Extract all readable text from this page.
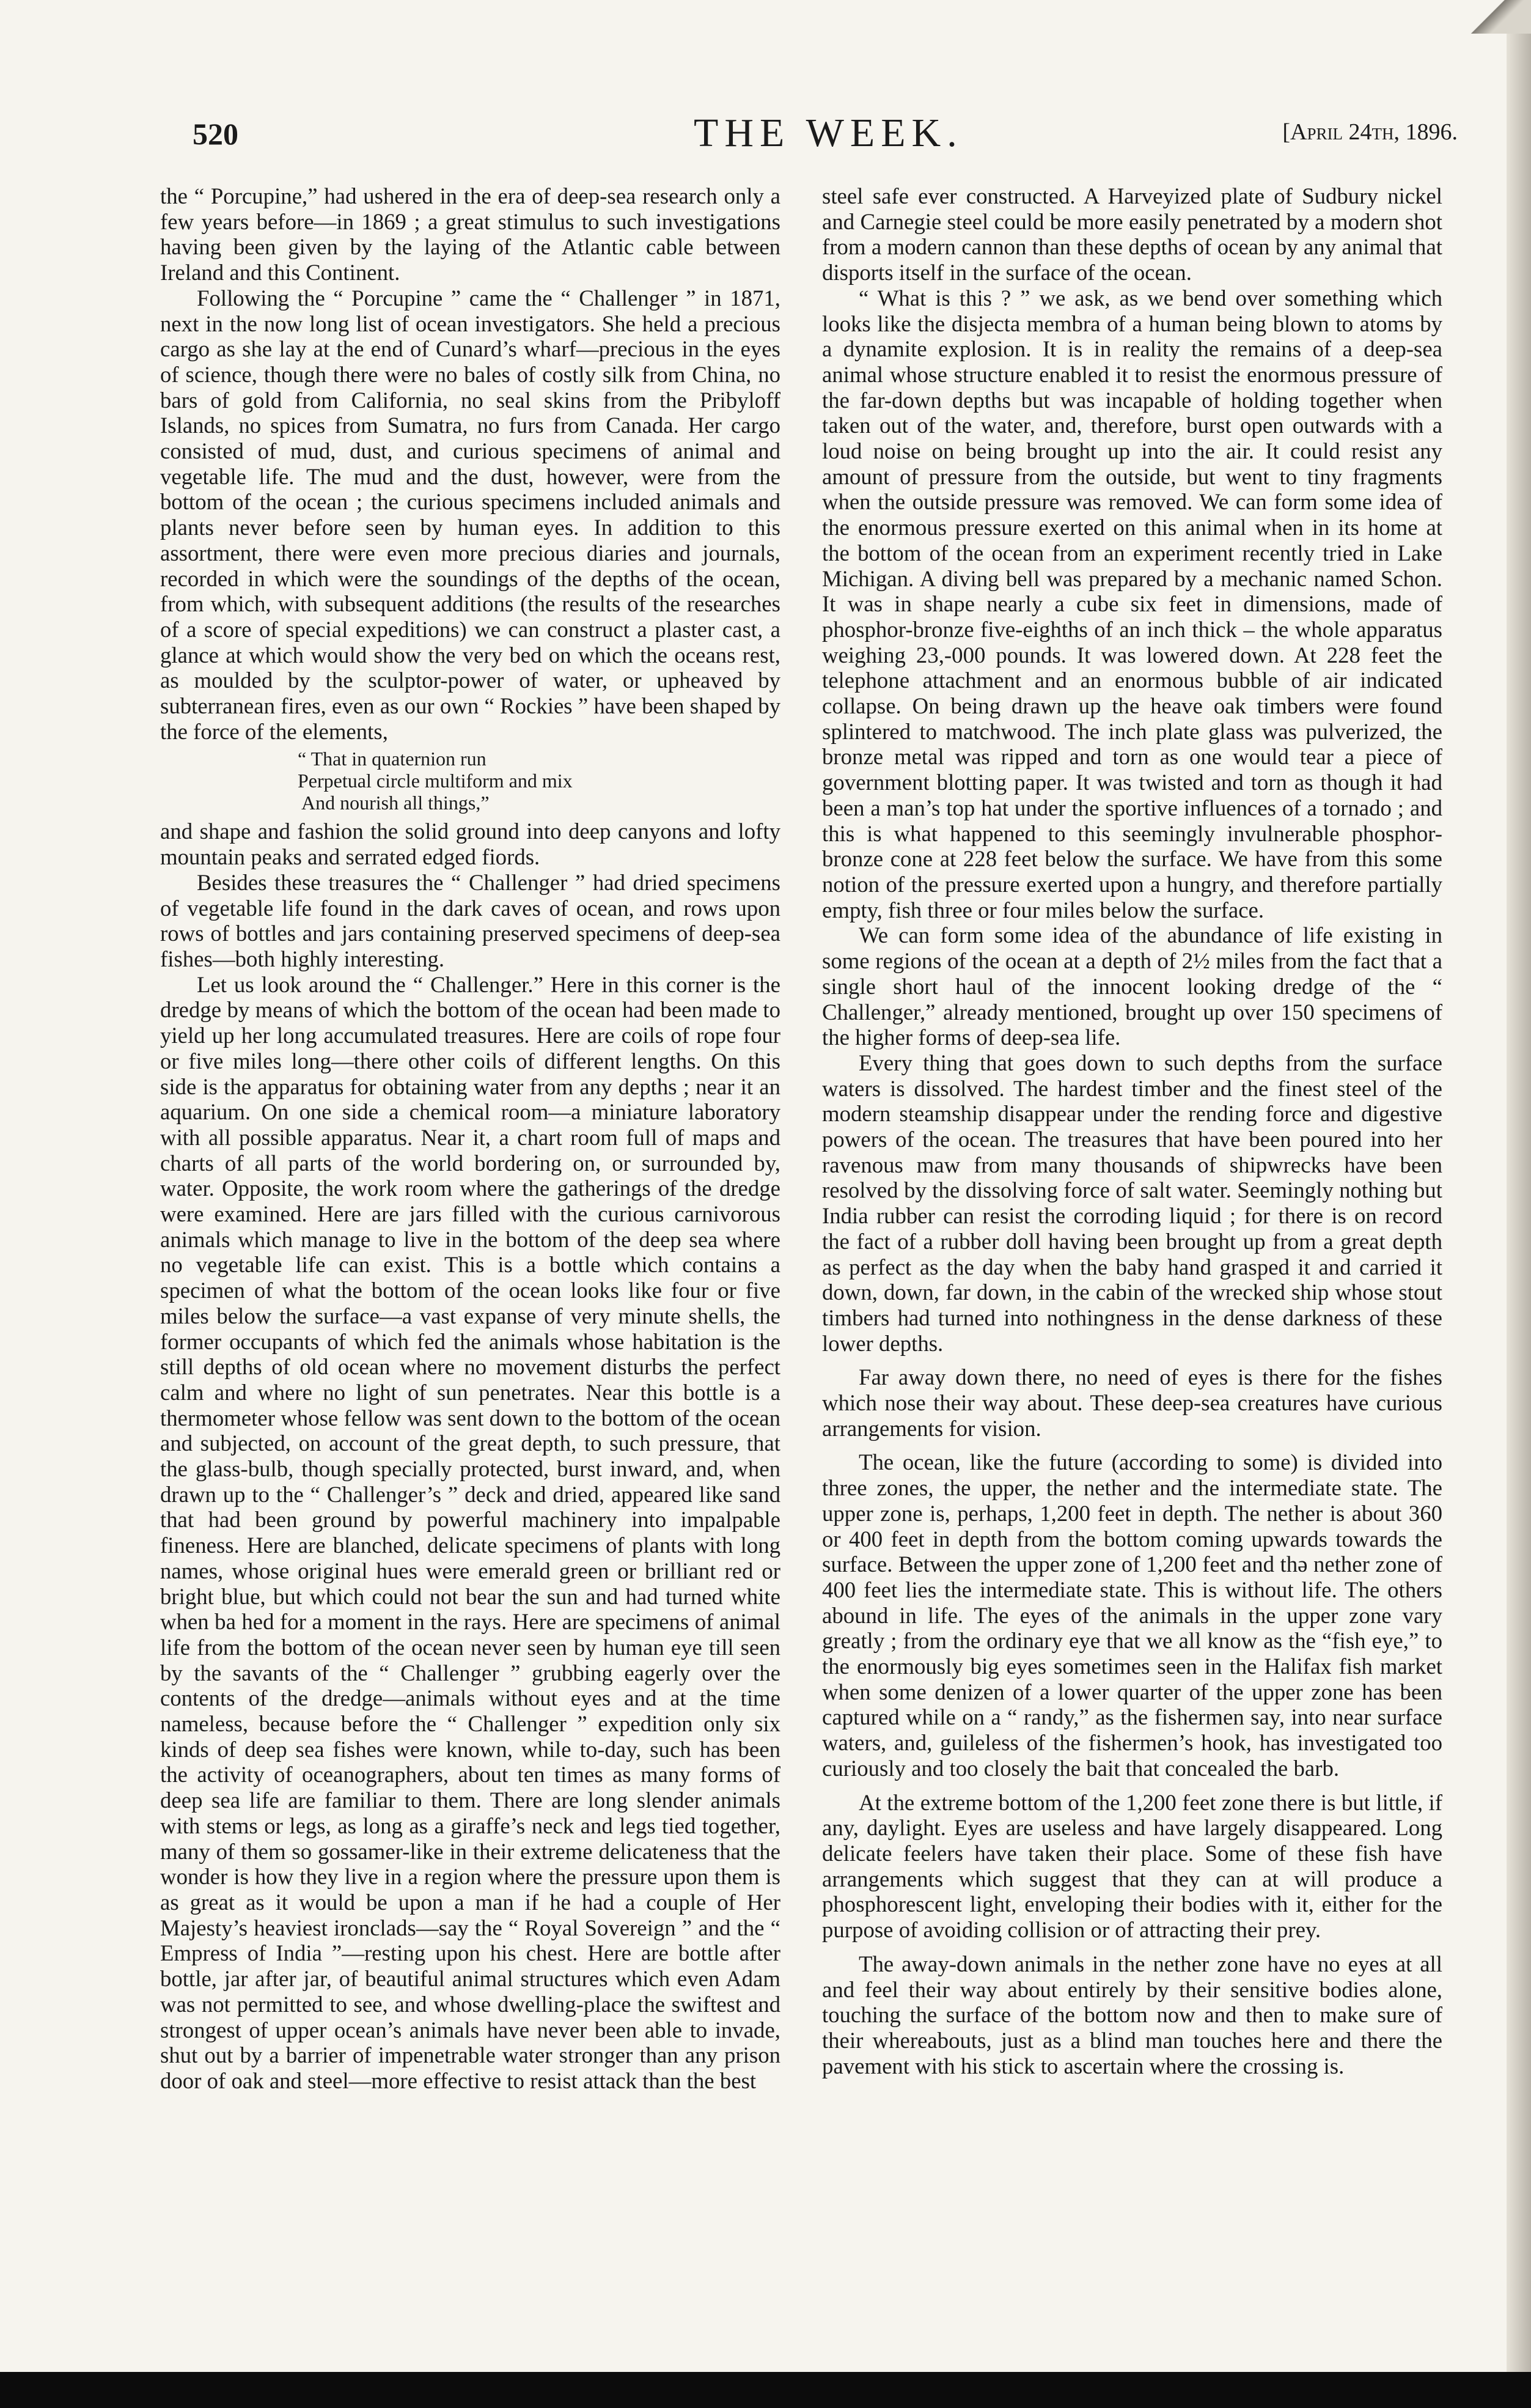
520	THE WEEK.	[April 24th, 1896.

the “ Porcupine,” had ushered in the era of deep-sea research only a few years before—in 1869 ; a great stimulus to such investigations having been given by the laying of the Atlantic cable between Ireland and this Continent.

Following the “ Porcupine ” came the “ Challenger ” in 1871, next in the now long list of ocean investigators. She held a precious cargo as she lay at the end of Cunard’s wharf—precious in the eyes of science, though there were no bales of costly silk from China, no bars of gold from California, no seal skins from the Pribyloff Islands, no spices from Sumatra, no furs from Canada. Her cargo consisted of mud, dust, and curious specimens of animal and vegetable life. The mud and the dust, however, were from the bottom of the ocean ; the curious specimens included animals and plants never before seen by human eyes. In addition to this assortment, there were even more precious diaries and journals, recorded in which were the soundings of the depths of the ocean, from which, with subsequent additions (the results of the researches of a score of special expeditions) we can construct a plaster cast, a glance at which would show the very bed on which the oceans rest, as moulded by the sculptor-power of water, or upheaved by subterranean fires, even as our own “ Rockies ” have been shaped by the force of the elements,

“ That in quaternion run
Perpetual circle multiform and mix
And nourish all things,”

and shape and fashion the solid ground into deep canyons and lofty mountain peaks and serrated edged fiords.

Besides these treasures the “ Challenger ” had dried specimens of vegetable life found in the dark caves of ocean, and rows upon rows of bottles and jars containing preserved specimens of deep-sea fishes—both highly interesting.

Let us look around the “ Challenger.” Here in this corner is the dredge by means of which the bottom of the ocean had been made to yield up her long accumulated treasures. Here are coils of rope four or five miles long—there other coils of different lengths. On this side is the apparatus for obtaining water from any depths ; near it an aquarium. On one side a chemical room—a miniature laboratory with all possible apparatus. Near it, a chart room full of maps and charts of all parts of the world bordering on, or surrounded by, water. Opposite, the work room where the gatherings of the dredge were examined. Here are jars filled with the curious carnivorous animals which manage to live in the bottom of the deep sea where no vegetable life can exist. This is a bottle which contains a specimen of what the bottom of the ocean looks like four or five miles below the surface—a vast expanse of very minute shells, the former occupants of which fed the animals whose habitation is the still depths of old ocean where no movement disturbs the perfect calm and where no light of sun penetrates. Near this bottle is a thermometer whose fellow was sent down to the bottom of the ocean and subjected, on account of the great depth, to such pressure, that the glass-bulb, though specially protected, burst inward, and, when drawn up to the “ Challenger’s ” deck and dried, appeared like sand that had been ground by powerful machinery into impalpable fineness. Here are blanched, delicate specimens of plants with long names, whose original hues were emerald green or brilliant red or bright blue, but which could not bear the sun and had turned white when ba hed for a moment in the rays. Here are specimens of animal life from the bottom of the ocean never seen by human eye till seen by the savants of the “ Challenger ” grubbing eagerly over the contents of the dredge—animals without eyes and at the time nameless, because before the “ Challenger ” expedition only six kinds of deep sea fishes were known, while to-day, such has been the activity of oceanographers, about ten times as many forms of deep sea life are familiar to them. There are long slender animals with stems or legs, as long as a giraffe’s neck and legs tied together, many of them so gossamer-like in their extreme delicateness that the wonder is how they live in a region where the pressure upon them is as great as it would be upon a man if he had a couple of Her Majesty’s heaviest ironclads—say the “ Royal Sovereign ” and the “ Empress of India ”—resting upon his chest. Here are bottle after bottle, jar after jar, of beautiful animal structures which even Adam was not permitted to see, and whose dwelling-place the swiftest and strongest of upper ocean’s animals have never been able to invade, shut out by a barrier of impenetrable water stronger than any prison door of oak and steel—more effective to resist attack than the best

steel safe ever constructed. A Harveyized plate of Sudbury nickel and Carnegie steel could be more easily penetrated by a modern shot from a modern cannon than these depths of ocean by any animal that disports itself in the surface of the ocean.

“ What is this ? ” we ask, as we bend over something which looks like the disjecta membra of a human being blown to atoms by a dynamite explosion. It is in reality the remains of a deep-sea animal whose structure enabled it to resist the enormous pressure of the far-down depths but was incapable of holding together when taken out of the water, and, therefore, burst open outwards with a loud noise on being brought up into the air. It could resist any amount of pressure from the outside, but went to tiny fragments when the outside pressure was removed. We can form some idea of the enormous pressure exerted on this animal when in its home at the bottom of the ocean from an experiment recently tried in Lake Michigan. A diving bell was prepared by a mechanic named Schon. It was in shape nearly a cube six feet in dimensions, made of phosphor-bronze five-eighths of an inch thick – the whole apparatus weighing 23,-000 pounds. It was lowered down. At 228 feet the telephone attachment and an enormous bubble of air indicated collapse. On being drawn up the heave oak timbers were found splintered to matchwood. The inch plate glass was pulverized, the bronze metal was ripped and torn as one would tear a piece of government blotting paper. It was twisted and torn as though it had been a man’s top hat under the sportive influences of a tornado ; and this is what happened to this seemingly invulnerable phosphor-bronze cone at 228 feet below the surface. We have from this some notion of the pressure exerted upon a hungry, and therefore partially empty, fish three or four miles below the surface.

We can form some idea of the abundance of life existing in some regions of the ocean at a depth of 2½ miles from the fact that a single short haul of the innocent looking dredge of the “ Challenger,” already mentioned, brought up over 150 specimens of the higher forms of deep-sea life.

Every thing that goes down to such depths from the surface waters is dissolved. The hardest timber and the finest steel of the modern steamship disappear under the rending force and digestive powers of the ocean. The treasures that have been poured into her ravenous maw from many thousands of shipwrecks have been resolved by the dissolving force of salt water. Seemingly nothing but India rubber can resist the corroding liquid ; for there is on record the fact of a rubber doll having been brought up from a great depth as perfect as the day when the baby hand grasped it and carried it down, down, far down, in the cabin of the wrecked ship whose stout timbers had turned into nothingness in the dense darkness of these lower depths.

Far away down there, no need of eyes is there for the fishes which nose their way about. These deep-sea creatures have curious arrangements for vision.

The ocean, like the future (according to some) is divided into three zones, the upper, the nether and the intermediate state. The upper zone is, perhaps, 1,200 feet in depth. The nether is about 360 or 400 feet in depth from the bottom coming upwards towards the surface. Between the upper zone of 1,200 feet and thə nether zone of 400 feet lies the intermediate state. This is without life. The others abound in life. The eyes of the animals in the upper zone vary greatly ; from the ordinary eye that we all know as the “fish eye,” to the enormously big eyes sometimes seen in the Halifax fish market when some denizen of a lower quarter of the upper zone has been captured while on a “ randy,” as the fishermen say, into near surface waters, and, guileless of the fishermen’s hook, has investigated too curiously and too closely the bait that concealed the barb.

At the extreme bottom of the 1,200 feet zone there is but little, if any, daylight. Eyes are useless and have largely disappeared. Long delicate feelers have taken their place. Some of these fish have arrangements which suggest that they can at will produce a phosphorescent light, enveloping their bodies with it, either for the purpose of avoiding collision or of attracting their prey.

The away-down animals in the nether zone have no eyes at all and feel their way about entirely by their sensitive bodies alone, touching the surface of the bottom now and then to make sure of their whereabouts, just as a blind man touches here and there the pavement with his stick to ascertain where the crossing is.
